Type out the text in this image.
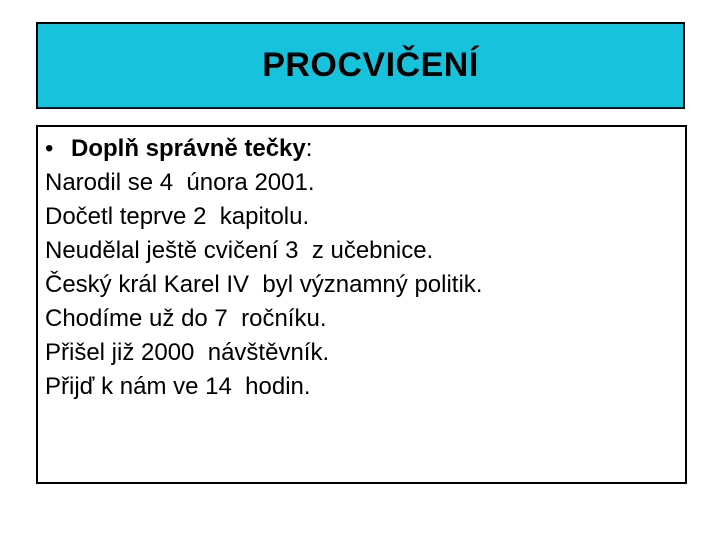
PROCVIČENÍ
• Doplň správně tečky:
Narodil se 4  února 2001.
Dočetl teprve 2  kapitolu.
Neudělal ještě cvičení 3  z učebnice.
Český král Karel IV  byl významný politik.
Chodíme už do 7  ročníku.
Přišel již 2000  návštěvník.
Přijď k nám ve 14  hodin.
